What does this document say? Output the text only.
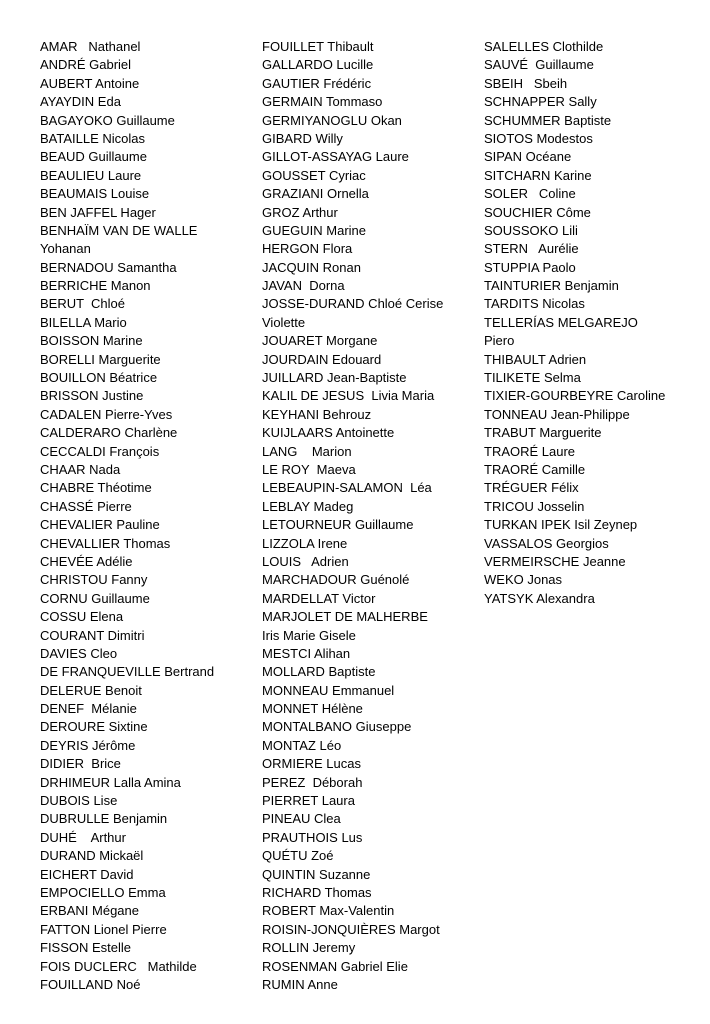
AMAR   Nathanel
ANDRÉ Gabriel
AUBERT Antoine
AYAYDIN Eda
BAGAYOKO Guillaume
BATAILLE Nicolas
BEAUD Guillaume
BEAULIEU Laure
BEAUMAIS Louise
BEN JAFFEL Hager
BENHAÏM VAN DE WALLE
Yohanan
BERNADOU Samantha
BERRICHE Manon
BERUT  Chloé
BILELLA Mario
BOISSON Marine
BORELLI Marguerite
BOUILLON Béatrice
BRISSON Justine
CADALEN Pierre-Yves
CALDERARO Charlène
CECCALDI François
CHAAR Nada
CHABRE Théotime
CHASSÉ Pierre
CHEVALIER Pauline
CHEVALLIER Thomas
CHEVÉE Adélie
CHRISTOU Fanny
CORNU Guillaume
COSSU Elena
COURANT Dimitri
DAVIES Cleo
DE FRANQUEVILLE Bertrand
DELERUE Benoit
DENEF  Mélanie
DEROURE Sixtine
DEYRIS Jérôme
DIDIER  Brice
DRHIMEUR Lalla Amina
DUBOIS Lise
DUBRULLE Benjamin
DUHÉ    Arthur
DURAND Mickaël
EICHERT David
EMPOCIELLO Emma
ERBANI Mégane
FATTON Lionel Pierre
FISSON Estelle
FOIS DUCLERC   Mathilde
FOUILLAND Noé
FOUILLET Thibault
GALLARDO Lucille
GAUTIER Frédéric
GERMAIN Tommaso
GERMIYANOGLU Okan
GIBARD Willy
GILLOT-ASSAYAG Laure
GOUSSET Cyriac
GRAZIANI Ornella
GROZ Arthur
GUEGUIN Marine
HERGON Flora
JACQUIN Ronan
JAVAN  Dorna
JOSSE-DURAND Chloé Cerise
Violette
JOUARET Morgane
JOURDAIN Edouard
JUILLARD Jean-Baptiste
KALIL DE JESUS  Livia Maria
KEYHANI Behrouz
KUIJLAARS Antoinette
LANG    Marion
LE ROY  Maeva
LEBEAUPIN-SALAMON  Léa
LEBLAY Madeg
LETOURNEUR Guillaume
LIZZOLA Irene
LOUIS   Adrien
MARCHADOUR Guénolé
MARDELLAT Victor
MARJOLET DE MALHERBE
Iris Marie Gisele
MESTCI Alihan
MOLLARD Baptiste
MONNEAU Emmanuel
MONNET Hélène
MONTALBANO Giuseppe
MONTAZ Léo
ORMIERE Lucas
PEREZ  Déborah
PIERRET Laura
PINEAU Clea
PRAUTHOIS Lus
QUÉTU Zoé
QUINTIN Suzanne
RICHARD Thomas
ROBERT Max-Valentin
ROISIN-JONQUIÈRES Margot
ROLLIN Jeremy
ROSENMAN Gabriel Elie
RUMIN Anne
SALELLES Clothilde
SAUVÉ  Guillaume
SBEIH   Sbeih
SCHNAPPER Sally
SCHUMMER Baptiste
SIOTOS Modestos
SIPAN Océane
SITCHARN Karine
SOLER   Coline
SOUCHIER Côme
SOUSSOKO Lili
STERN   Aurélie
STUPPIA Paolo
TAINTURIER Benjamin
TARDITS Nicolas
TELLERÍAS MELGAREJO
Piero
THIBAULT Adrien
TILIKETE Selma
TIXIER-GOURBEYRE Caroline
TONNEAU Jean-Philippe
TRABUT Marguerite
TRAORÉ Laure
TRAORÉ Camille
TRÉGUER Félix
TRICOU Josselin
TURKAN IPEK Isil Zeynep
VASSALOS Georgios
VERMEIRSCHE Jeanne
WEKO Jonas
YATSYK Alexandra
